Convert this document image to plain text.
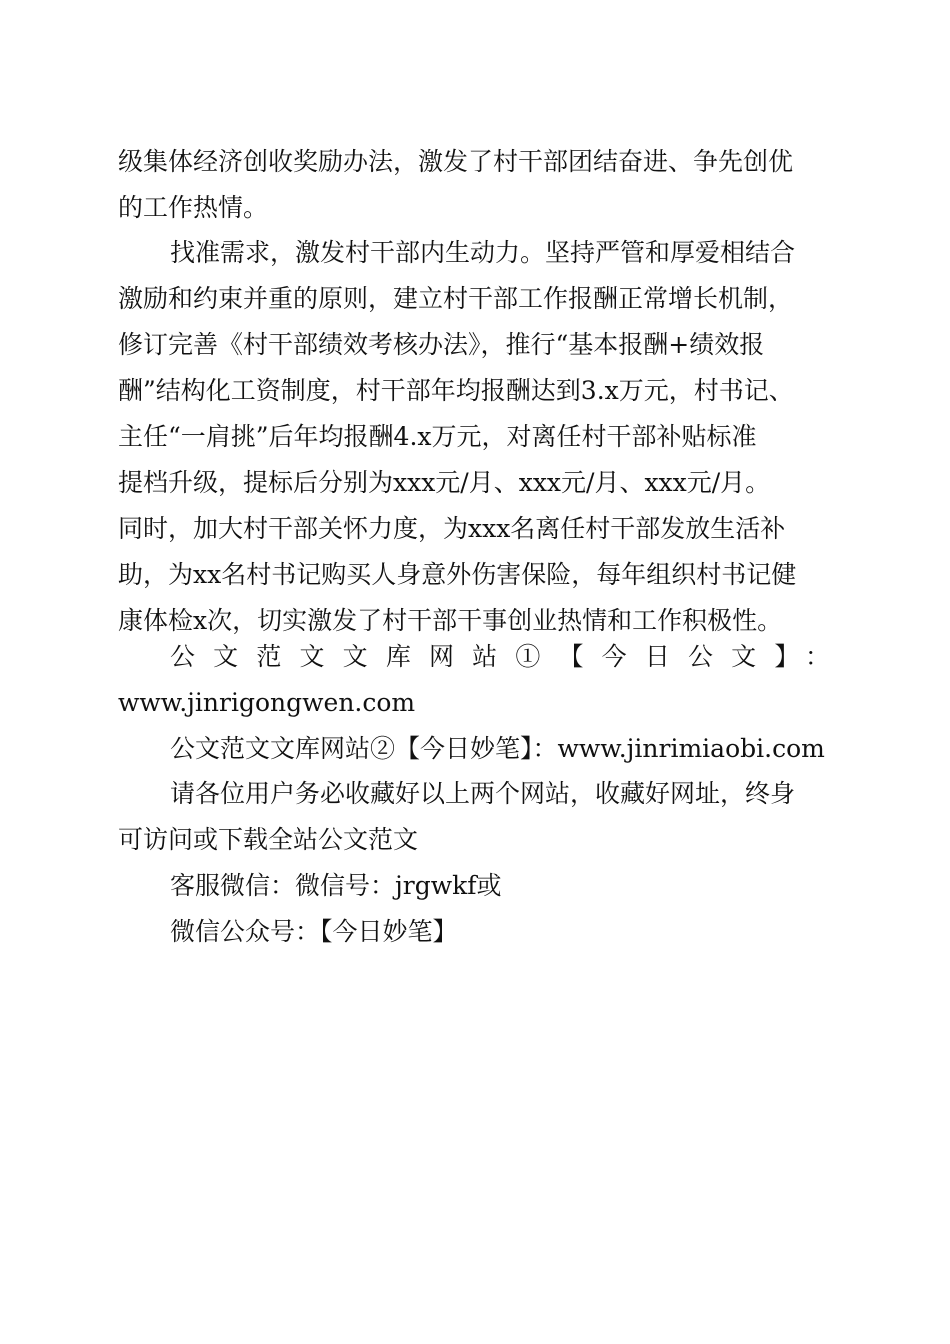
级集体经济创收奖励办法，激发了村干部团结奋进、争先创优
的工作热情。
找准需求，激发村干部内生动力。坚持严管和厚爱相结合
激励和约束并重的原则，建立村干部工作报酬正常增长机制，
修订完善《村干部绩效考核办法》，推行“基本报酬+绩效报
酬”结构化工资制度，村干部年均报酬达到3.x万元，村书记、
主任“一肩挑”后年均报酬4.x万元，对离任村干部补贴标准
提档升级，提标后分别为xxx元/月、xxx元/月、xxx元/月。
同时，加大村干部关怀力度，为xxx名离任村干部发放生活补
助，为xx名村书记购买人身意外伤害保险，每年组织村书记健
康体检x次，切实激发了村干部干事创业热情和工作积极性。
公文范文文库网站①【今日公文】：
www.jinrigongwen.com
公文范文文库网站②【今日妙笔】：www.jinrimiaobi.com
请各位用户务必收藏好以上两个网站，收藏好网址，终身
可访问或下载全站公文范文
客服微信：微信号：jrgwkf或
微信公众号：【今日妙笔】
